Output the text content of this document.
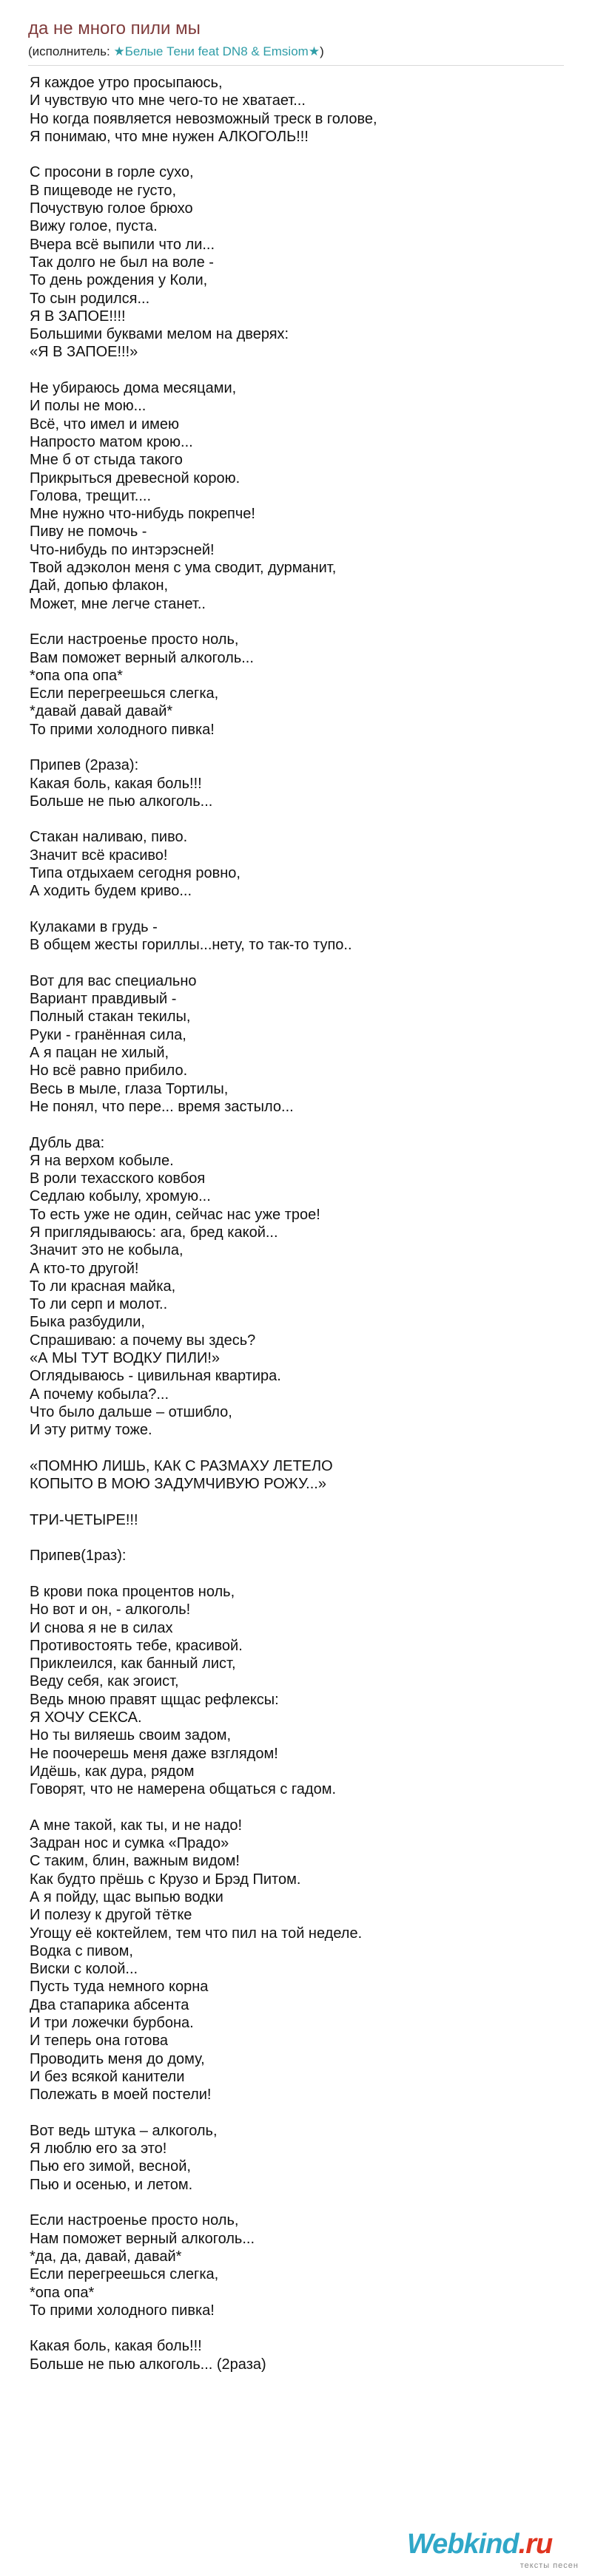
да не много пили мы
(исполнитель: ★Белые Тени feat DN8 & Emsiom★)
Я каждое утро просыпаюсь,
И чувствую что мне чего-то не хватает...
Но когда появляется невозможный треск в голове,
Я понимаю, что мне нужен АЛКОГОЛЬ!!!
С просони в горле сухо,
В пищеводе не густо,
Почуствую голое брюхо
Вижу голое, пуста.
Вчера всё выпили что ли...
Так долго не был на воле -
То день рождения у Коли,
То сын родился...
Я В ЗАПОЕ!!!!
Большими буквами мелом на дверях:
«Я В ЗАПОЕ!!!»
Не убираюсь дома месяцами,
И полы не мою...
Всё, что имел и имею
Напросто матом крою...
Мне б от стыда такого
Прикрыться древесной корою.
Голова, трещит....
Мне нужно что-нибудь покрепче!
Пиву не помочь -
Что-нибудь по интэрэсней!
Твой адэколон меня с ума сводит, дурманит,
Дай, допью флакон,
Может, мне легче станет..
Если настроенье просто ноль,
Вам поможет верный алкоголь...
*опа опа опа*
Если перегреешься слегка,
*давай давай давай*
То прими холодного пивка!
Припев (2раза):
Какая боль, какая боль!!!
Больше не пью алкоголь...
Стакан наливаю, пиво.
Значит всё красиво!
Типа отдыхаем сегодня ровно,
А ходить будем криво...
Кулаками в грудь -
В общем жесты гориллы...нету, то так-то тупо..
Вот для вас специально
Вариант правдивый -
Полный стакан текилы,
Руки - гранённая сила,
А я пацан не хилый,
Но всё равно прибило.
Весь в мыле, глаза Тортилы,
Не понял, что пере... время застыло...
Дубль два:
Я на верхом кобыле.
В роли техасского ковбоя
Седлаю кобылу, хромую...
То есть уже не один, сейчас нас уже трое!
Я пригляд​ываюсь: ага, бред какой...
Значит это не кобыла,
А кто-то другой!
То ли красная майка,
То ли серп и молот..
Быка разбудили,
Спрашиваю: а почему вы здесь?
«А МЫ ТУТ ВОДКУ ПИЛИ!»
Оглядываюсь - цивильная квартира.
А почему кобыла?...
Что было дальше – отшибло,
И эту ритму тоже.
«ПОМНЮ ЛИШЬ, КАК С РАЗМАХУ ЛЕТЕЛО
КОПЫТО В МОЮ ЗАДУМЧИВУЮ РОЖУ...»
ТРИ-ЧЕТЫРЕ!!!
Припев(1раз):
В крови пока процентов ноль,
Но вот и он, - алкоголь!
И снова я не в силах
Противостоять тебе, красивой.
Приклеился, как банный лист,
Веду себя, как эгоист,
Ведь мною правят щщас рефлексы:
Я ХОЧУ СЕКСА.
Но ты виляешь своим задом,
Не поочерешь меня даже взглядом!
Идёшь, как дура, рядом
Говорят, что не намерена общаться с гадом.
А мне такой, как ты, и не надо!
Задран нос и сумка «Прадо»
С таким, блин, важным видом!
Как будто прёшь с Крузо и Брэд Питом.
А я пойду, щас выпью водки
И полезу к другой тётке
Угощу её коктейлем, тем что пил на той неделе.
Водка с пивом,
Виски с колой...
Пусть туда немного корна
Два стапарика абсента
И три ложечки бурбона.
И теперь она готова
Проводить меня до дому,
И без всякой канители
Полежать в моей постели!
Вот ведь штука – алкоголь,
Я люблю его за это!
Пью его зимой, весной,
Пью и осенью, и летом.
Если настроенье просто ноль,
Нам поможет верный алкоголь...
*да, да, давай, давай*
Если перегреешься слегка,
*опа опа*
То прими холодного пивка!
Какая боль, какая боль!!!
Больше не пью алкоголь... (2раза)
Webkind.ru
тексты песен
